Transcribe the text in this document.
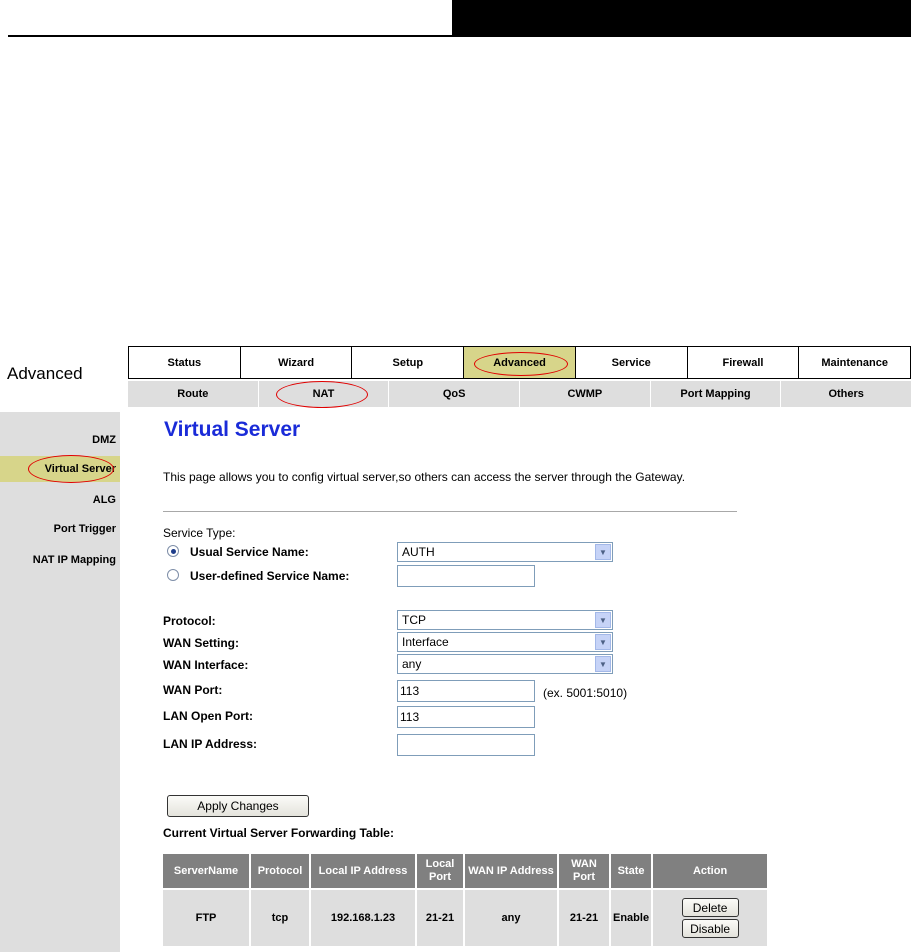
Advanced
Status	Wizard	Setup	Advanced	Service	Firewall	Maintenance
Route	NAT	QoS	CWMP	Port Mapping	Others
DMZ
Virtual Server
ALG
Port Trigger
NAT IP Mapping
Virtual Server
This page allows you to config virtual server,so others can access the server through the Gateway.
Service Type:
Usual Service Name:	AUTH	▼
User-defined Service Name:
Protocol:	TCP	▼
WAN Setting:	Interface	▼
WAN Interface:	any	▼
WAN Port:	113	(ex. 5001:5010)
LAN Open Port:	113
LAN IP Address:
Apply Changes
Current Virtual Server Forwarding Table:
ServerName	Protocol	Local IP Address	Local Port	WAN IP Address	WAN Port	State	Action
FTP	tcp	192.168.1.23	21-21	any	21-21	Enable	Delete
Disable
